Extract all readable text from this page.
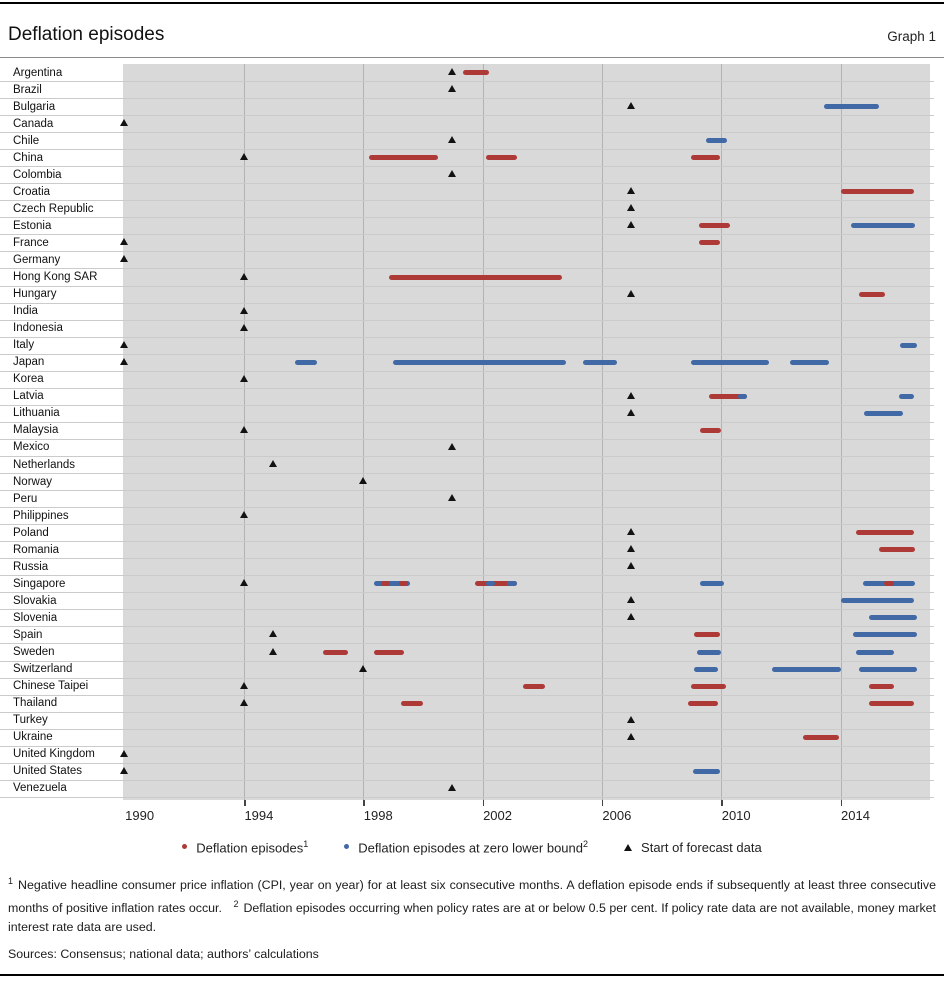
Deflation episodes	Graph 1
1990	1994	1998	2002	2006	2010	2014
Argentina
Brazil
Bulgaria
Canada
Chile
China
Colombia
Croatia
Czech Republic
Estonia
France
Germany
Hong Kong SAR
Hungary
India
Indonesia
Italy
Japan
Korea
Latvia
Lithuania
Malaysia
Mexico
Netherlands
Norway
Peru
Philippines
Poland
Romania
Russia
Singapore
Slovakia
Slovenia
Spain
Sweden
Switzerland
Chinese Taipei
Thailand
Turkey
Ukraine
United Kingdom
United States
Venezuela
Deflation episodes$^1$	Deflation episodes at zero lower bound$^2$	Start of forecast data
$^1$ Negative headline consumer price inflation (CPI, year on year) for at least six consecutive months. A deflation episode ends if subsequently at least three consecutive months of positive inflation rates occur. $^2$ Deflation episodes occurring when policy rates are at or below 0.5 per cent. If policy rate data are not available, money market interest rate data are used.
Sources: Consensus; national data; authors’ calculations
